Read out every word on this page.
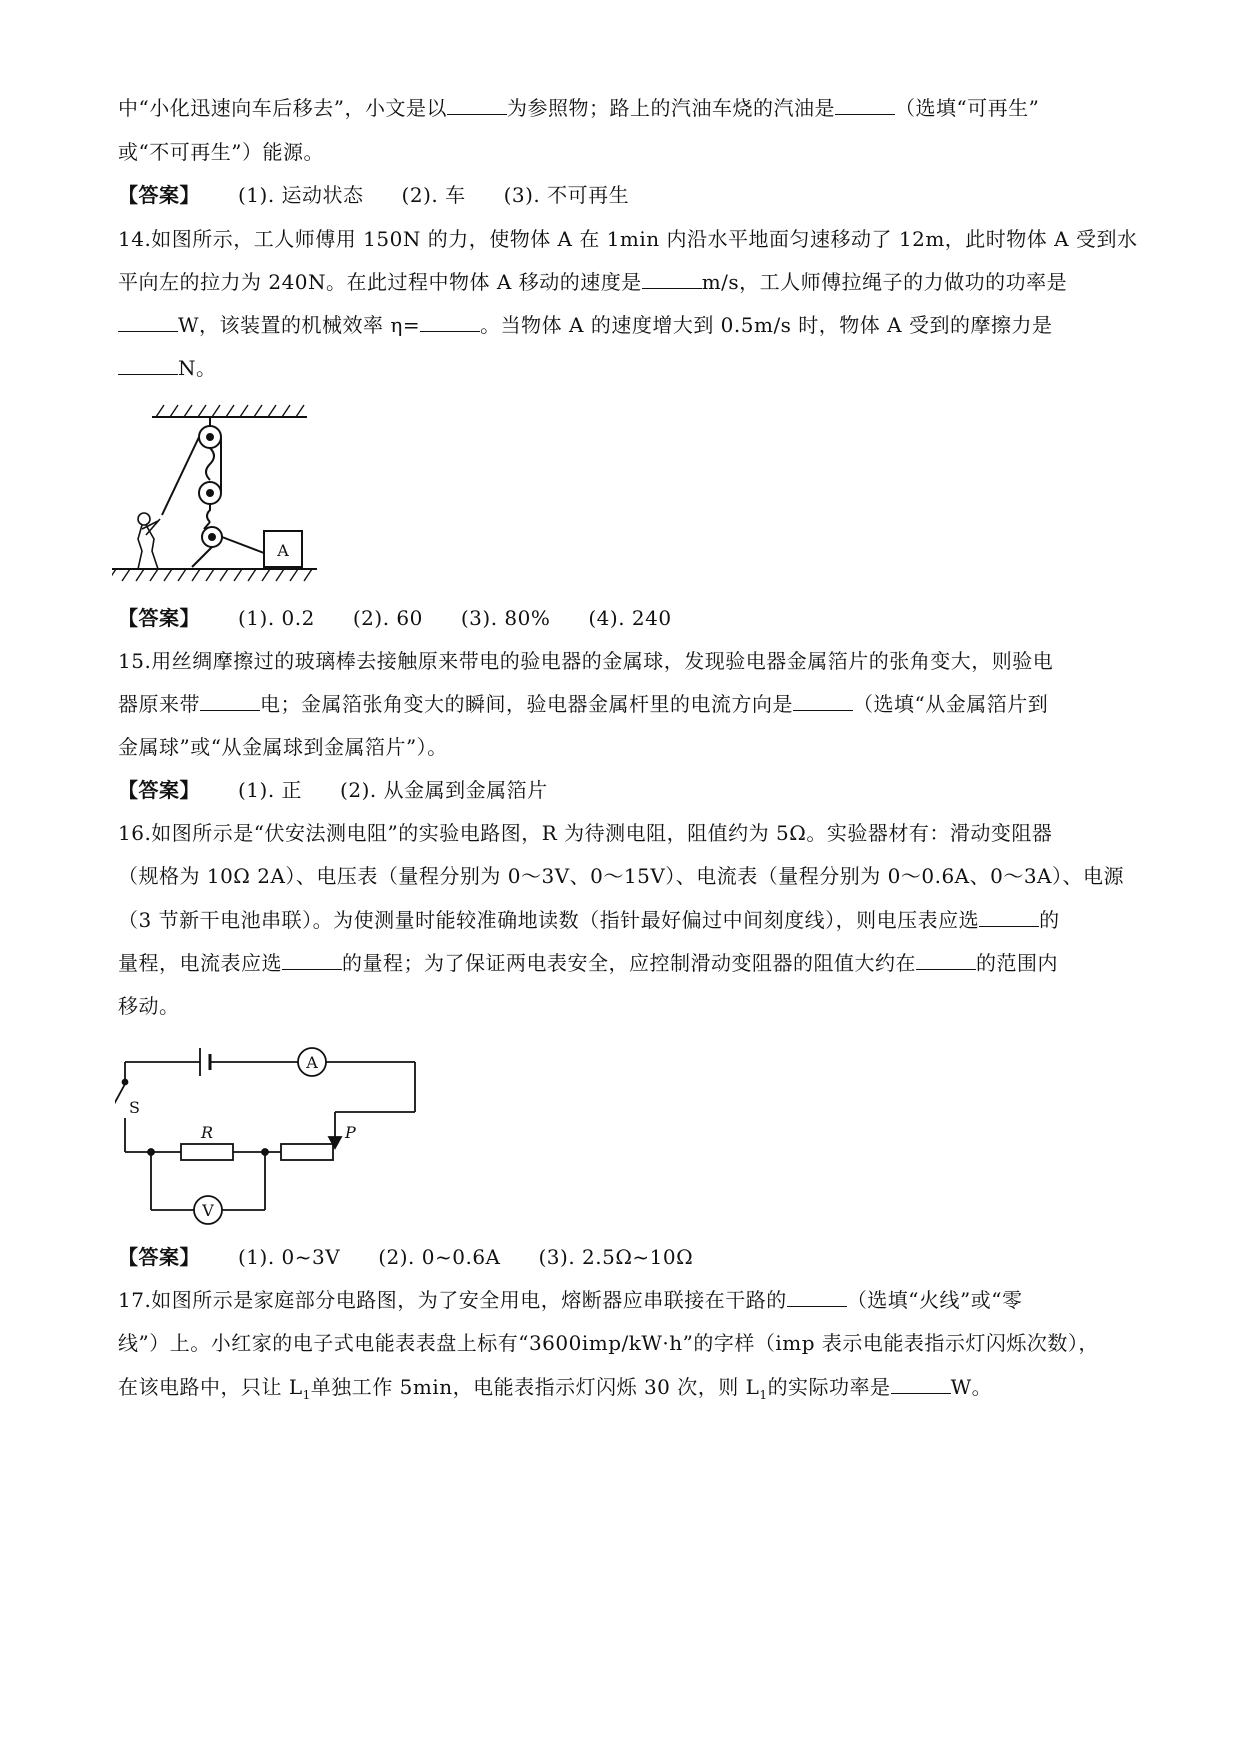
中“小化迅速向车后移去”，小文是以	为参照物；路上的汽油车烧的汽油是	（选填“可再生”
或“不可再生”）能源。
【答案】 (1). 运动状态 (2). 车 (3). 不可再生
14.如图所示，工人师傅用 150N 的力，使物体 A 在 1min 内沿水平地面匀速移动了 12m，此时物体 A 受到水
平向左的拉力为 240N。在此过程中物体 A 移动的速度是	m/s，工人师傅拉绳子的力做功的功率是
W，该装置的机械效率 η=	。当物体 A 的速度增大到 0.5m/s 时，物体 A 受到的摩擦力是
N。
A
【答案】 (1). 0.2 (2). 60 (3). 80% (4). 240
15.用丝绸摩擦过的玻璃棒去接触原来带电的验电器的金属球，发现验电器金属箔片的张角变大，则验电
器原来带	电；金属箔张角变大的瞬间，验电器金属杆里的电流方向是	（选填“从金属箔片到
金属球”或“从金属球到金属箔片”）。
【答案】 (1). 正 (2). 从金属到金属箔片
16.如图所示是“伏安法测电阻”的实验电路图，R 为待测电阻，阻值约为 5Ω。实验器材有：滑动变阻器
（规格为 10Ω 2A）、电压表（量程分别为 0～3V、0～15V）、电流表（量程分别为 0～0.6A、0～3A）、电源
（3 节新干电池串联）。为使测量时能较准确地读数（指针最好偏过中间刻度线），则电压表应选	的
量程，电流表应选	的量程；为了保证两电表安全，应控制滑动变阻器的阻值大约在	的范围内
移动。
A
V
S
R	P
【答案】 (1). 0~3V (2). 0~0.6A (3). 2.5Ω~10Ω
17.如图所示是家庭部分电路图，为了安全用电，熔断器应串联接在干路的	（选填“火线”或“零
线”）上。小红家的电子式电能表表盘上标有“3600imp/kW·h”的字样（imp 表示电能表指示灯闪烁次数），
在该电路中，只让 $L_1$单独工作 5min，电能表指示灯闪烁 30 次，则 $L_1$的实际功率是	W。
